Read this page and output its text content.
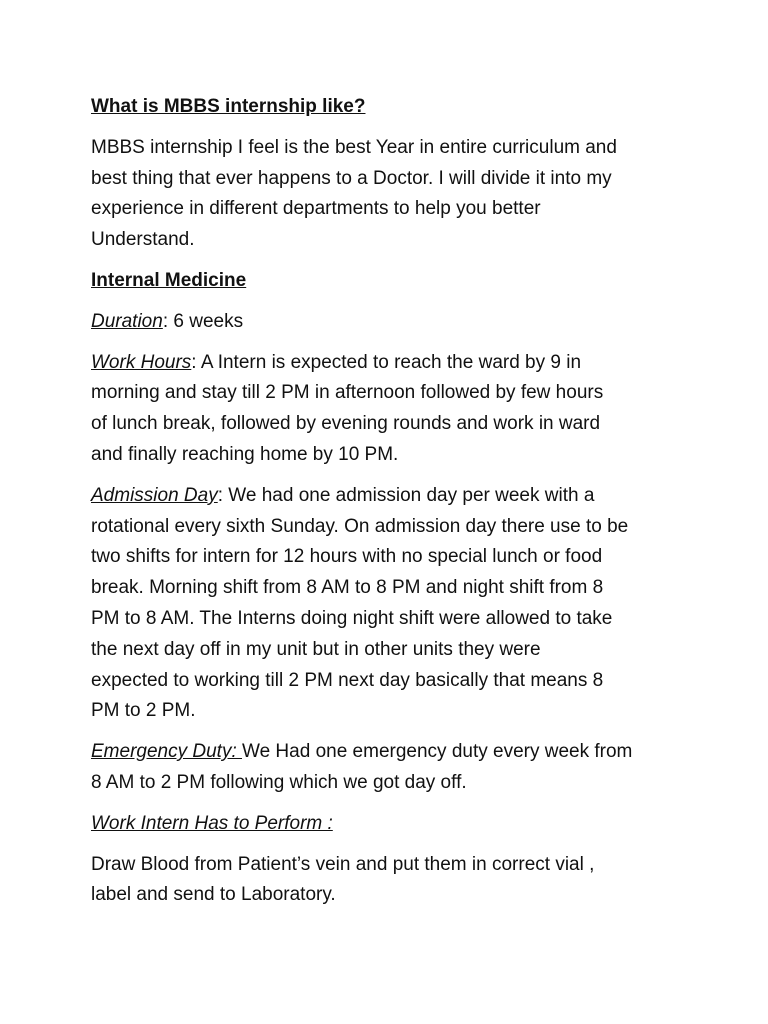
What is MBBS internship like?
MBBS internship I feel is the best Year in entire curriculum and
best thing that ever happens to a Doctor. I will divide it into my
experience in different departments to help you better
Understand.
Internal Medicine
Duration: 6 weeks
Work Hours: A Intern is expected to reach the ward by 9 in
morning and stay till 2 PM in afternoon followed by few hours
of lunch break, followed by evening rounds and work in ward
and finally reaching home by 10 PM.
Admission Day: We had one admission day per week with a
rotational every sixth Sunday. On admission day there use to be
two shifts for intern for 12 hours with no special lunch or food
break. Morning shift from 8 AM to 8 PM and night shift from 8
PM to 8 AM. The Interns doing night shift were allowed to take
the next day off in my unit but in other units they were
expected to working till 2 PM next day basically that means 8
PM to 2 PM.
Emergency Duty: We Had one emergency duty every week from
8 AM to 2 PM following which we got day off.
Work Intern Has to Perform :
Draw Blood from Patient’s vein and put them in correct vial ,
label and send to Laboratory.
